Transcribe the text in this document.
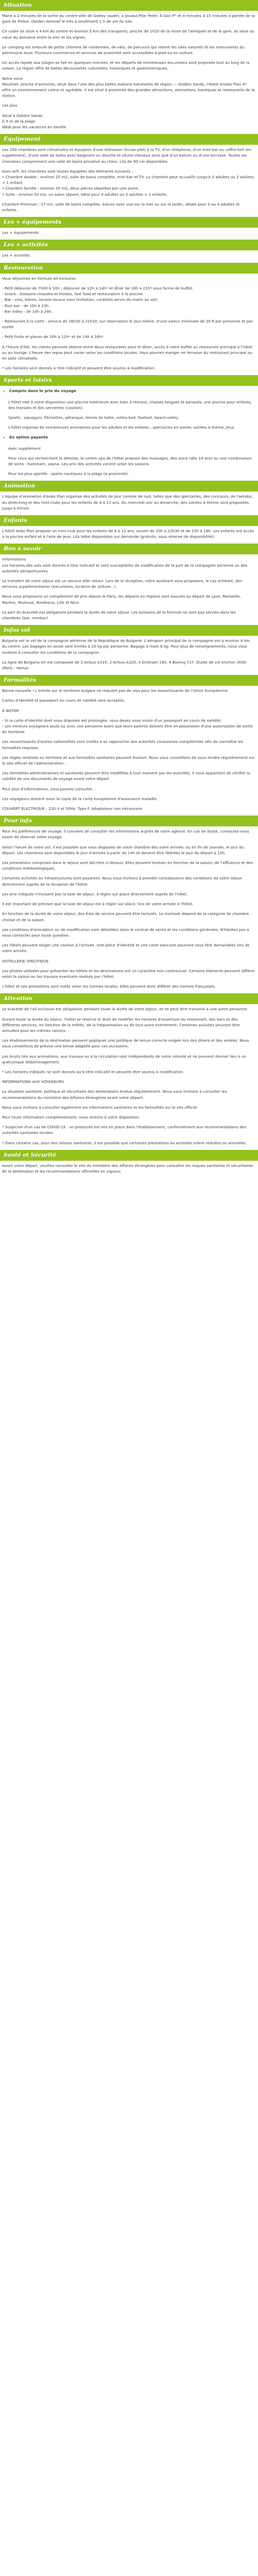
Situation
Mane à 2 minutes de la sortie du centre-ville de Godoy (aude), à Jouasa Pilar Pelet: Â Gan P° et 4 minutes à 15 minutes à portée de la gare de Pinkar. Golden Aeronef le trés à seulement 1 h de vol du site.
Ce cadre se situe à 4 km du centre et environ 5 km des transports, proche de 1h20 de la route de l'aéroport et de la gare, se situe au cœur du domaine entre la mer et les vignes.
Le camping est entouré de petits chemins de randonnée, de vélo, de parcours qui relient les sites naturels et les monuments du patrimoine local. Plusieurs commerces et services de proximité sont accessibles à pied ou en voiture.
Un accès rapide aux plages se fait en quelques minutes, et les départs de nombreuses excursions sont proposés tout au long de la saison. La région offre de belles découvertes culturelles, historiques et gastronomiques.
Notre zone
Moulinet, proche d'armoires, situé dans l'une des plus belles stations balnéaires de région — Golden Sands, l'Hotel Ansiko Plan 4* offre un environnement calme et agréable. Il est situé à proximité des grandes attractions, animations, boutiques et restaurants de la station.
Les plus
Situé à Golden Sands
À 5 m de la plage
Idéal pour les vacances en famille
Équipement
Les 200 chambres sont climatisées et équipées d'une télévision (écran plat) à la TV, d'un téléphone, d'un mini-bar ou coffre-fort (en supplément), d'une salle de bains avec baignoire ou douche et sèche-cheveux ainsi que d'un balcon ou d'une terrasse. Toutes les chambres comprennent une salle de bains privative au choix. Lits de 90 cm disponibles.
Avec wifi, les chambres sont toutes équipées des éléments suivants :
• Chambre double : environ 25 m2, salle de bains complète, mini-bar et TV. La chambre peut accueillir jusqu'à 3 adultes ou 2 adultes + 1 enfant.
• Chambre famille : environ 35 m2, deux pièces séparées par une porte.
• Suite : environ 50 m2, un salon séparé, idéal pour 4 adultes ou 2 adultes + 2 enfants.
Chambre Premium : 27 m2, salle de bains complète, balcon avec vue sur la mer ou sur le jardin, idéale pour 2 ou 4 adultes et enfants.
Les + équipements
Les + équipements
Les + activités
Les + activités
Restauration
Vous séjournez en formule All Inclusive.
- Petit déjeuner de 7h00 à 10h ; déjeuner de 12h à 14h* et dîner de 18h à 21h* sous forme de buffet.
- Snack : boissons chaudes et froides, fast food et restauration à la piscine.
- Bar : vins, bières, alcools locaux sans limitation, cocktails servis du matin au soir.
- Pool bar : de 10h à 23h.
- Bar lobby : de 10h à 24h.
- Restaurant à la carte : service de 18h30 à 21h30, sur réservation le jour même, d'une valeur minimale de 20 € par personne et par soirée.
- Petit fruits et glaces de 10h à 11h* et de 14h à 16h*.
À l'heure d'été, les clients peuvent obtenir entre deux restaurants pour le dîner, accès à notre buffet au restaurant principal à l'hôtel ou au lounge. L'heure des repas peut varier selon les conditions locales. Vous pourrez manger en terrasse du restaurant principal ou en salle climatisée.
* Les horaires sont donnés à titre indicatif et peuvent être soumis à modification.
Sports et loisirs
• Compris dans le prix du voyage
L'hôtel met à votre disposition une piscine extérieure avec bain à remous, chaises longues et parasols, une piscine pour enfants, des transats et des serviettes (caution).
Sports : aquagym, fléchettes, pétanque, tennis de table, volley-ball, football, beach-volley.
L'hôtel organise de nombreuses animations pour les adultes et les enfants : spectacles en soirée, soirées à thème, jeux.
• En option payante
Avec supplément
Pour ceux qui recherchent la détente, le centre spa de l'hôtel propose des massages, des soins (dès 14 ans) ou une combinaison de soins : hammam, sauna. Les prix des activités varient selon les saisons.
Pour les plus sportifs : sports nautiques à la plage (à proximité).
Animation
L'équipe d'animation d'Anko Plan organise des activités de jour comme de nuit, telles que des spectacles, des concours, de l'aérobic, du stretching et des mini-clubs pour les enfants de 4 à 12 ans. Du mercredi soir au dimanche, des soirées à thème sont proposées jusqu'à minuit.
Enfants
L'hôtel Anko Plan propose un mini-club pour les enfants de 4 à 12 ans, ouvert de 10h à 12h30 et de 15h à 18h. Les enfants ont accès à la piscine enfant et à l'aire de jeux. Lits bébé disponibles sur demande (gratuits, sous réserve de disponibilité).
Bon à savoir
Informations
Les horaires des vols sont donnés à titre indicatif et sont susceptibles de modification de la part de la compagnie aérienne ou des autorités aéroportuaires.
Le transfert de votre séjour est un service aller retour. Lors de la réception, votre assistant vous proposera, le cas échéant, des services supplémentaires (excursions, location de voiture...).
Nous vous proposons un complément de prix depuis le Paris, les départs en régions sont assurés au départ de Lyon, Marseille, Nantes, Toulouse, Bordeaux, Lille et Nice.
Le port du bracelet est obligatoire pendant la durée de votre séjour. Les boissons de la formule ne sont pas servies dans les chambres (bar, minibar).
Infos vol
Bulgarie est le vol de la compagnie aérienne de la République de Bulgarie. L'aéroport principal de la compagnie est à environ 4 km du centre. Les bagages en soute sont limités à 20 kg par personne. Bagage à main 8 kg. Pour plus de renseignements, nous vous invitons à consulter les conditions de la compagnie.
La ligne de Bulgaria Air est composée de 3 Airbus A319, 2 Airbus A320, 4 Embraer 190, 4 Boeing 737. Durée de vol environ 3h00 (Paris - Varna).
Formalités
Bonne nouvelle ! L'entrée sur le territoire bulgare ne requiert pas de visa pour les ressortissants de l'Union Européenne.
Cartes d'identité et passeport en cours de validité sont acceptés.
À NOTER
- Si la carte d'identité dont vous disposez est prolongée, vous devez vous munir d'un passeport en cours de validité.
- Les mineurs voyageant seuls ou avec une personne autre que leurs parents doivent être en possession d'une autorisation de sortie du territoire.
Les ressortissants d'autres nationalités sont invités à se rapprocher des autorités consulaires compétentes afin de connaître les formalités requises.
Les règles relatives au territoire et aux formalités sanitaires peuvent évoluer. Nous vous conseillons de vous rendre régulièrement sur le site officiel de l'administration :
Les formalités administratives et sanitaires peuvent être modifiées à tout moment par les autorités. Il vous appartient de vérifier la validité de vos documents de voyage avant votre départ.
Pour plus d'informations, vous pouvez consulter :
Les voyageurs doivent avoir la copie de la carte européenne d'assurance maladie.
COUVERT ÉLECTRIQUE : 230 V et 50Hz. Type F. Adaptateur non nécessaire.
Pour info
Pour les préférences de voyage, il convient de consulter les informations auprès de votre agence. En cas de doute, contactez-nous avant de réserver votre voyage.
Selon l'heure de votre vol, il est possible que vous disposiez de votre chambre dès votre arrivée, ou en fin de journée, le jour du départ. Les chambres sont disponibles le jour d'arrivée à partir de 14h et doivent être libérées le jour du départ à 12h.
Les prestations comprises dans le séjour sont décrites ci-dessus. Elles peuvent évoluer en fonction de la saison, de l'affluence et des conditions météorologiques.
Certaines activités ou infrastructures sont payantes. Nous vous invitons à prendre connaissance des conditions de votre séjour directement auprès de la réception de l'hôtel.
Les prix indiqués n'incluent pas la taxe de séjour, à régler sur place directement auprès de l'hôtel.
Il est important de préciser que la taxe de séjour est à régler sur place, lors de votre arrivée à l'hôtel.
En fonction de la durée de votre séjour, des frais de service peuvent être facturés. Le montant dépend de la catégorie de chambre choisie et de la saison.
Les conditions d'annulation ou de modification sont détaillées dans le contrat de vente et les conditions générales. N'hésitez pas à nous contacter pour toute question.
Les hôtels peuvent exiger une caution à l'arrivée. Une pièce d'identité et une carte bancaire pourront vous être demandées lors de votre arrivée.
HOTELLERIE SPECIFIQUE
Les photos utilisées pour présenter les hôtels et les destinations ont un caractère non contractuel. Certains éléments peuvent différer selon la saison ou les travaux éventuels réalisés par l'hôtel.
L'hôtel et ses prestations sont notés selon les normes locales. Elles peuvent donc différer des normes françaises.
Attention
Le bracelet de l'all inclusive est obligatoire pendant toute la durée de votre séjour, et ne peut être transmis à une autre personne.
Durant toute la durée du séjour, l'hôtel se réserve le droit de modifier les horaires d'ouverture du restaurant, des bars et des différents services, en fonction de la météo, de la fréquentation ou de tout autre événement. Certaines activités peuvent être annulées pour les mêmes raisons.
Les établissements de la destination peuvent appliquer une politique de tenue correcte exigée lors des dîners et des soirées. Nous vous conseillons de prévoir une tenue adaptée pour ces occasions.
Les bruits liés aux animations, aux travaux ou à la circulation sont indépendants de notre volonté et ne peuvent donner lieu à un quelconque dédommagement.
* Les horaires indiqués ne sont donnés qu'à titre indicatif et peuvent être soumis à modification.
INFORMATIONS AUX VOYAGEURS
La situation sanitaire, politique et sécuritaire des destinations évolue régulièrement. Nous vous invitons à consulter les recommandations du ministère des Affaires étrangères avant votre départ.
Nous vous invitons à consulter également les informations sanitaires et les formalités sur le site officiel.
Pour toute information complémentaire, nous restons à votre disposition.
* Suspicion d'un cas de COVID-19 : un protocole est mis en place dans l'établissement, conformément aux recommandations des autorités sanitaires locales.
* Dans certains cas, pour des raisons sanitaires, il est possible que certaines prestations ou activités soient réduites ou annulées.
Santé et Sécurité
Avant votre départ, veuillez consulter le site du ministère des Affaires étrangères pour connaître les risques sanitaires et sécuritaires de la destination et les recommandations officielles en vigueur.
